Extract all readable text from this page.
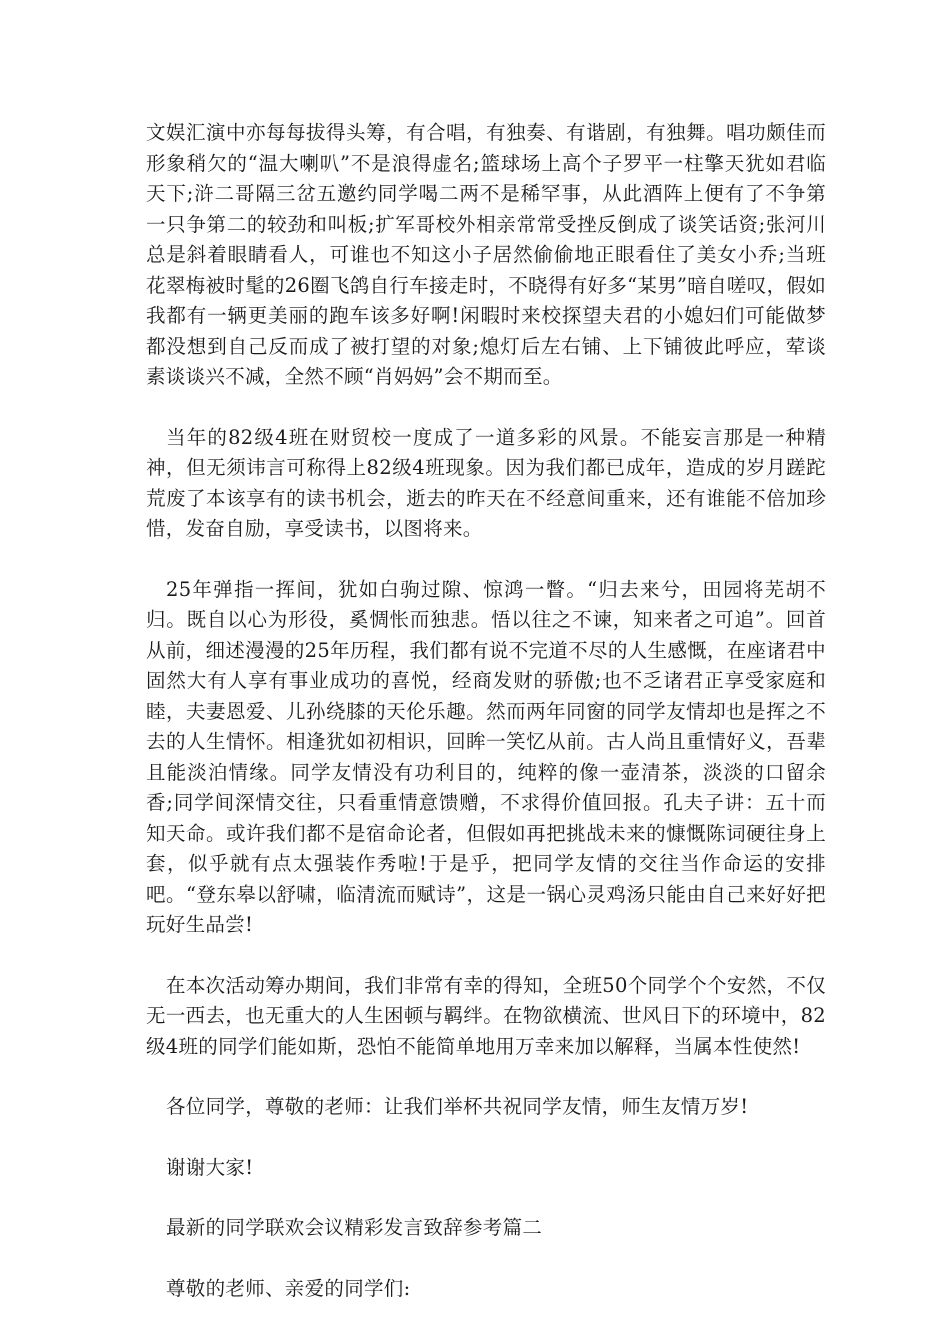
文娱汇演中亦每每拔得头筹，有合唱，有独奏、有谐剧，有独舞。唱功颇佳而形象稍欠的“温大喇叭”不是浪得虚名;篮球场上高个子罗平一柱擎天犹如君临天下;浒二哥隔三岔五邀约同学喝二两不是稀罕事，从此酒阵上便有了不争第一只争第二的较劲和叫板;扩军哥校外相亲常常受挫反倒成了谈笑话资;张河川总是斜着眼睛看人，可谁也不知这小子居然偷偷地正眼看住了美女小乔;当班花翠梅被时髦的26圈飞鸽自行车接走时，不晓得有好多“某男”暗自嗟叹，假如我都有一辆更美丽的跑车该多好啊!闲暇时来校探望夫君的小媳妇们可能做梦都没想到自己反而成了被打望的对象;熄灯后左右铺、上下铺彼此呼应，荤谈素谈谈兴不减，全然不顾“肖妈妈”会不期而至。

当年的82级4班在财贸校一度成了一道多彩的风景。不能妄言那是一种精神，但无须讳言可称得上82级4班现象。因为我们都已成年，造成的岁月蹉跎荒废了本该享有的读书机会，逝去的昨天在不经意间重来，还有谁能不倍加珍惜，发奋自励，享受读书，以图将来。

25年弹指一挥间，犹如白驹过隙、惊鸿一瞥。“归去来兮，田园将芜胡不归。既自以心为形役，奚惆怅而独悲。悟以往之不谏，知来者之可追”。回首从前，细述漫漫的25年历程，我们都有说不完道不尽的人生感慨，在座诸君中固然大有人享有事业成功的喜悦，经商发财的骄傲;也不乏诸君正享受家庭和睦，夫妻恩爱、儿孙绕膝的天伦乐趣。然而两年同窗的同学友情却也是挥之不去的人生情怀。相逢犹如初相识，回眸一笑忆从前。古人尚且重情好义，吾辈且能淡泊情缘。同学友情没有功利目的，纯粹的像一壶清茶，淡淡的口留余香;同学间深情交往，只看重情意馈赠，不求得价值回报。孔夫子讲：五十而知天命。或许我们都不是宿命论者，但假如再把挑战未来的慷慨陈词硬往身上套，似乎就有点太强装作秀啦!于是乎，把同学友情的交往当作命运的安排吧。“登东皋以舒啸，临清流而赋诗”，这是一锅心灵鸡汤只能由自己来好好把玩好生品尝!

在本次活动筹办期间，我们非常有幸的得知，全班50个同学个个安然，不仅无一西去，也无重大的人生困顿与羁绊。在物欲横流、世风日下的环境中，82级4班的同学们能如斯，恐怕不能简单地用万幸来加以解释，当属本性使然!

各位同学，尊敬的老师：让我们举杯共祝同学友情，师生友情万岁!

谢谢大家!

最新的同学联欢会议精彩发言致辞参考篇二

尊敬的老师、亲爱的同学们:
